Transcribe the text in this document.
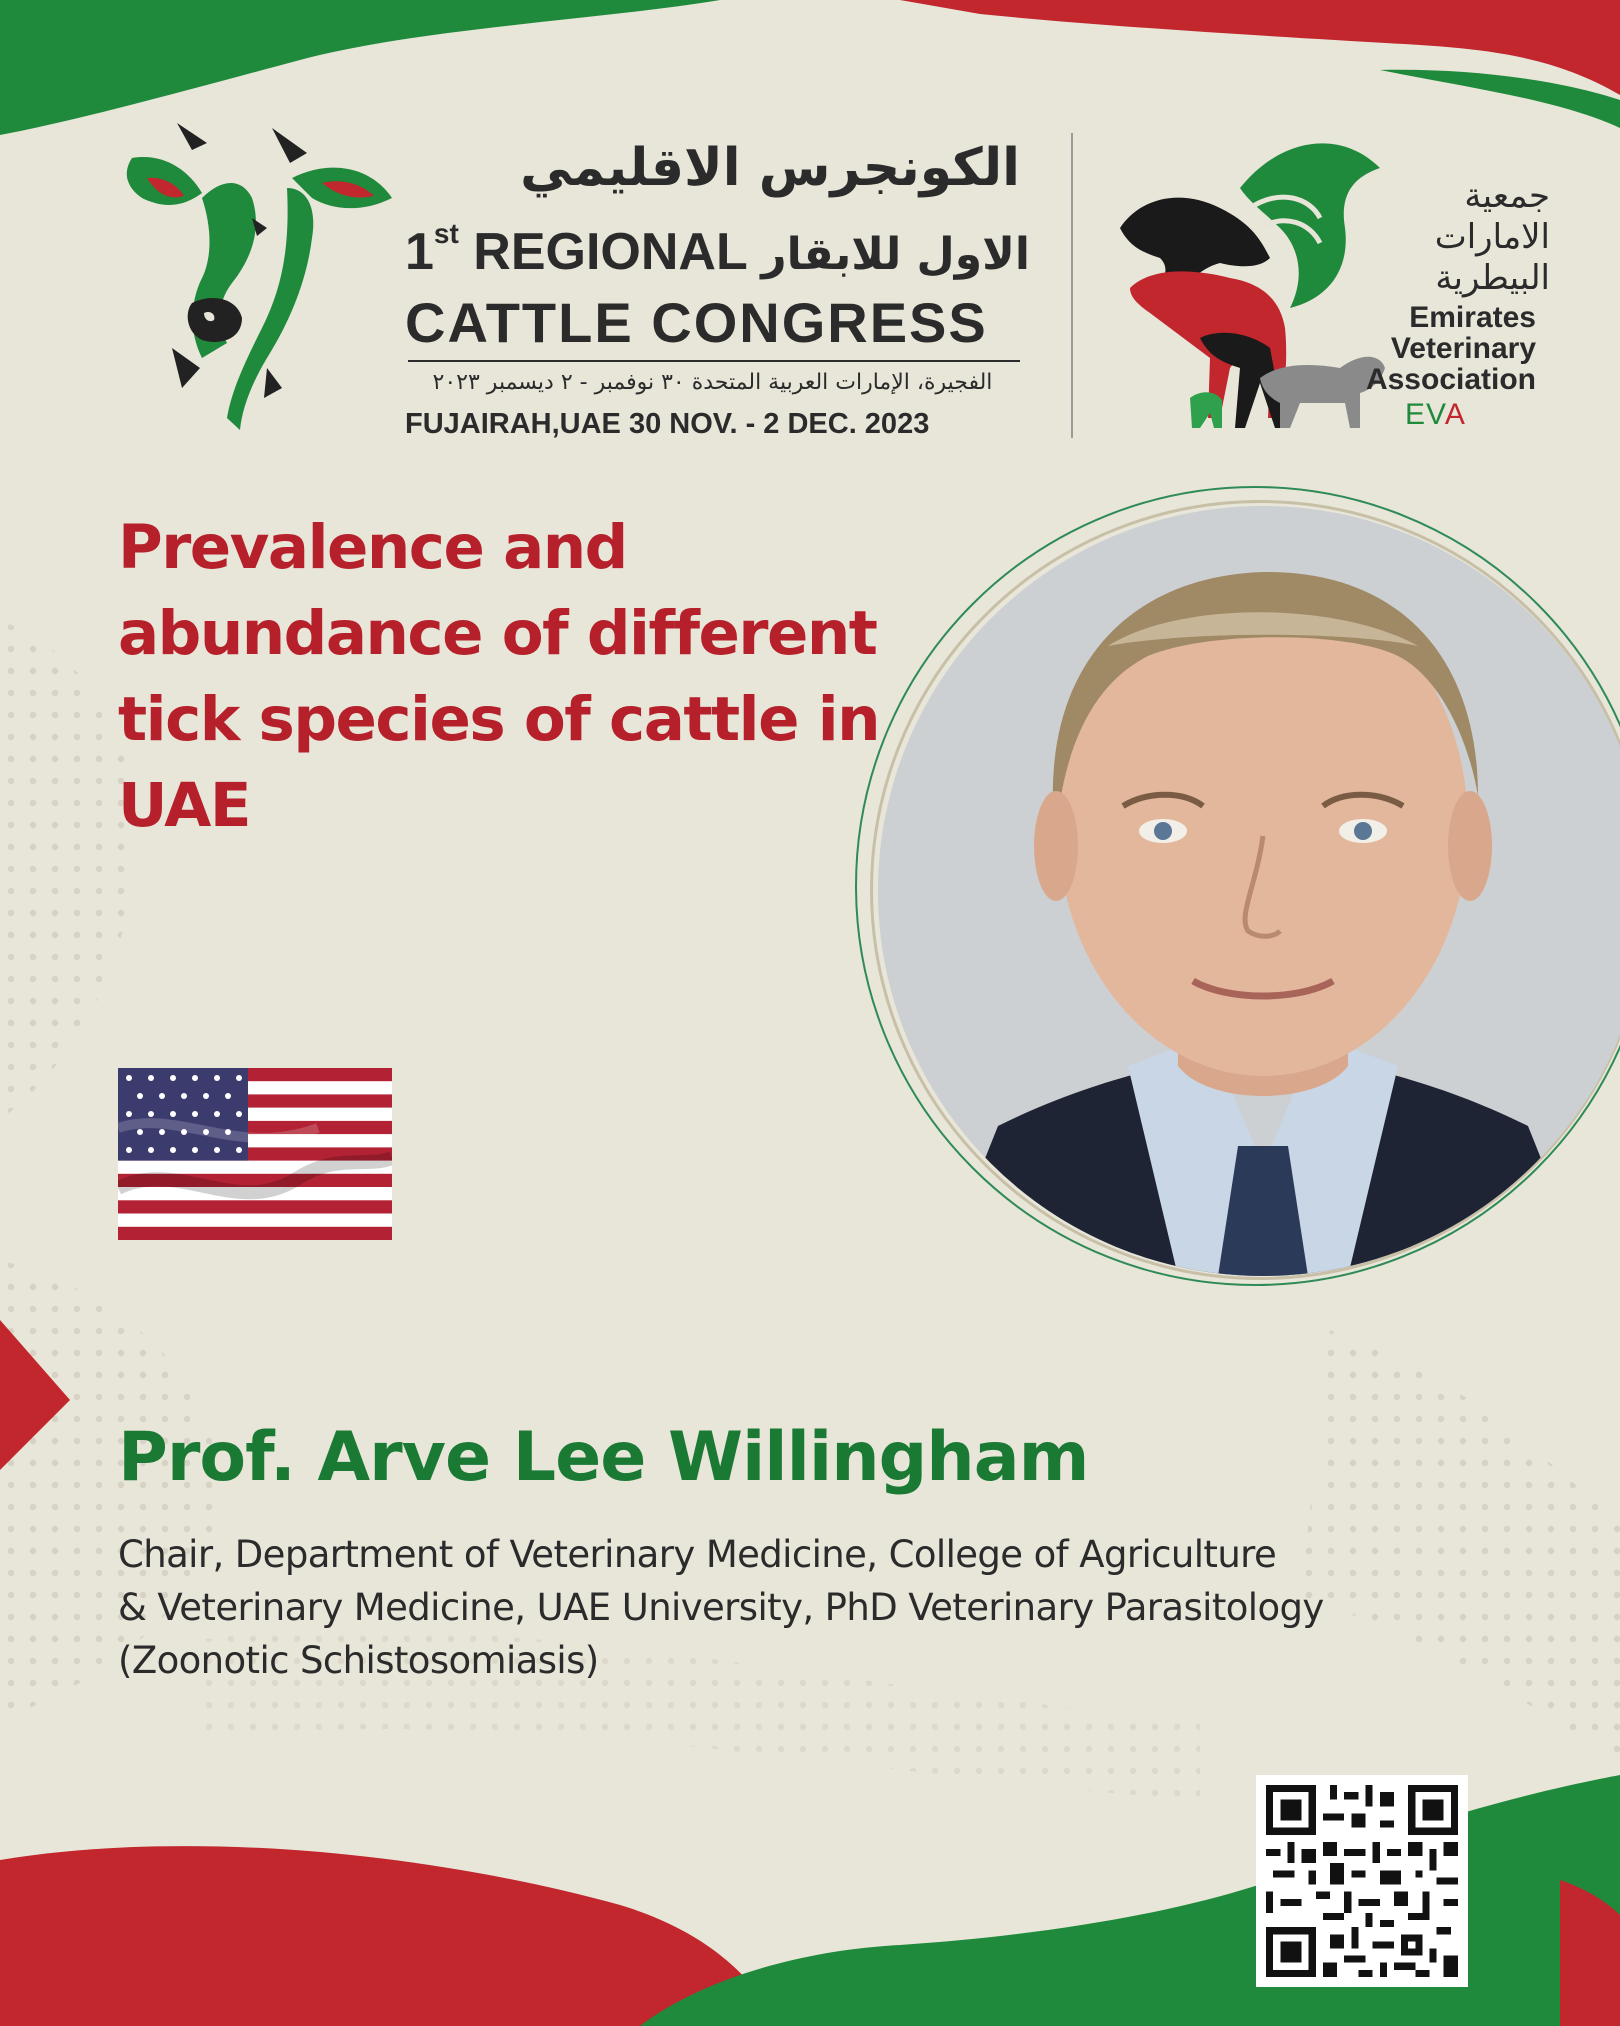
الكونجرس الاقليمي
1st REGIONAL الاول للابقار
CATTLE CONGRESS
الفجيرة، الإمارات العربية المتحدة ٣٠ نوفمبر - ٢ ديسمبر ٢٠٢٣
FUJAIRAH,UAE 30 NOV. - 2 DEC. 2023
جمعية
الامارات
البيطرية
Emirates
Veterinary
Association
EVA
Prevalence and
abundance of different
tick species of cattle in
UAE
Prof. Arve Lee Willingham
Chair, Department of Veterinary Medicine, College of Agriculture
& Veterinary Medicine, UAE University, PhD Veterinary Parasitology
(Zoonotic Schistosomiasis)
